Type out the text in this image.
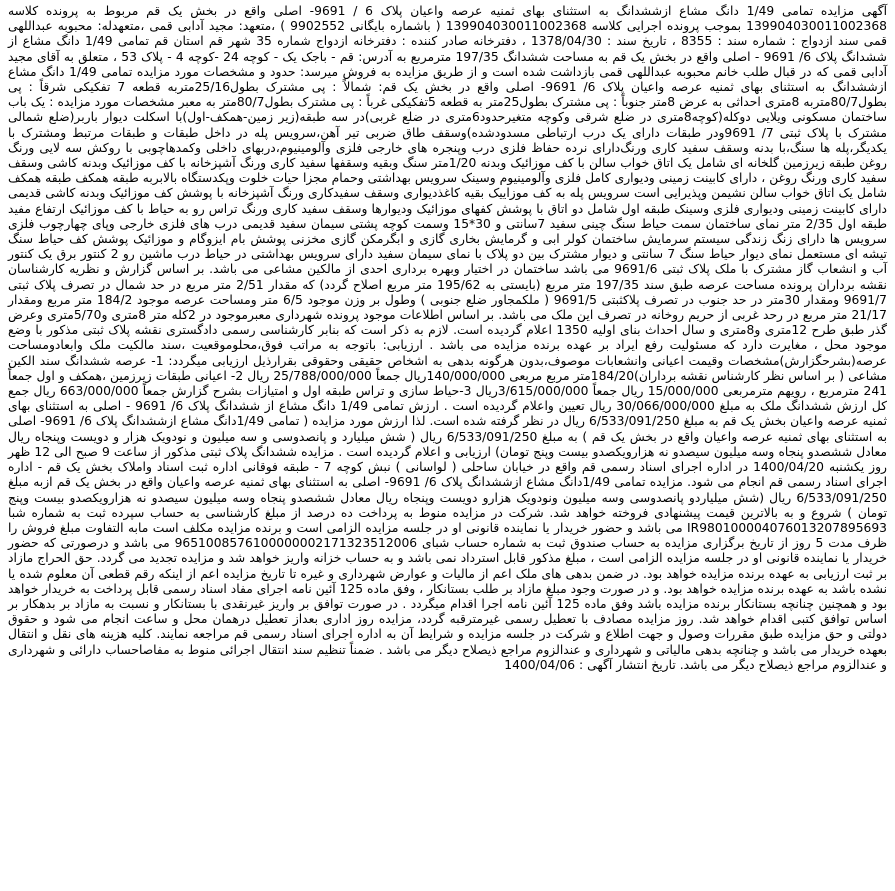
آگهی مزایده تمامی 1/49 دانگ مشاع ازششدانگ به استثنای بهای ثمنیه عرصه واعیان پلاک 6 / 9691- اصلی واقع در بخش یک قم مربوط به پرونده کلاسه 139904030011002368 بموجب پرونده اجرایی کلاسه 139904030011002368 ( باشماره بایگانی 9902552 ) ،متعهد: مجید آدابی قمی ،متعهدله: محبوبه عبداللهی قمی سند ازدواج : شماره سند : 8355 ، تاریخ سند : 1378/04/30 ، دفترخانه صادر کننده : دفترخانه ازدواج شماره 35 شهر قم استان قم تمامی 1/49 دانگ مشاع از ششدانگ پلاک 6/ 9691 - اصلی واقع در بخش یک قم به مساحت ششدانگ 197/35 مترمربع به آدرس: قم - باجک یک - کوچه 24 -کوچه 4 - پلاک 53 ، متعلق به آقای مجید آدابی قمی که در قبال طلب خانم محبوبه عبداللهی قمی بازداشت شده است و از طریق مزایده به فروش میرسد: حدود و مشخصات مورد مزایده تمامی 1/49 دانگ مشاع ازششدانگ به استثنای بهای ثمنیه عرصه واعیان پلاک 6/ 9691- اصلی واقع در بخش یک قم: شمالاً : پی مشترک بطول25/16متربه قطعه 7 تفکیکی شرقاً : پی بطول80/7متربه 8متری احداثی به عرض 8متر جنوباً : پی مشترک بطول25متر به قطعه 5تفکیکی غرباً : پی مشترک بطول80/7متر به معبر مشخصات مورد مزایده : یک باب ساختمان مسکونی ویلایی دوکله(کوچه8متری در ضلع شرقی وکوچه متغیرحدود6متری در ضلع غربی)در سه طبقه(زیر زمین-همکف-اول)با اسکلت دیوار باربر(ضلع شمالی مشترک با پلاک ثبتی 7/ 9691ودر طبقات دارای یک درب ارتباطی مسدودشده)وسقف طاق ضربی تیر آهن،سرویس پله در داخل طبقات و طبقات مرتبط ومشترک با یکدیگر،پله ها سنگ،با بدنه وسقف سفید کاری ورنگ‌دارای نرده حفاظ فلزی درب وپنجره های خارجی فلزی وآلومینیوم،دربهای داخلی وکمدهاچوبی با روکش سه لایی ورنگ روغن طبقه زیرزمین گلخانه ای شامل یک اتاق خواب سالن با کف موزائیک وبدنه 1/20متر سنگ وبقیه وسقفها سفید کاری ورنگ آشپزخانه با کف موزائیک وبدنه کاشی وسقف سفید کاری ورنگ روغن ، دارای کابینت زمینی ودیواری کامل فلزی وآلومینیوم وسینک سرویس بهداشتی وحمام مجزا حیات خلوت وپکدستگاه بالابربه طبقه همکف طبقه همکف شامل یک اتاق خواب سالن نشیمن وپذیرایی است سرویس پله به کف موزاییک بقیه کاغذدیواری وسقف سفیدکاری ورنگ آشپزخانه با پوشش کف موزائیک وبدنه کاشی قدیمی دارای کابینت زمینی ودیواری فلزی وسینک طبقه اول شامل دو اتاق با پوشش کفهای موزائیک ودیوارها وسقف سفید کاری ورنگ تراس رو به حیاط با کف موزائیک ارتفاع مفید طبقه اول 2/35 متر نمای ساختمان سمت حیاط سنگ چینی سفید 7سانتی و 30*15 وسمت کوچه پشتی سیمان سفید قدیمی درب های فلزی خارجی وپای چهارچوب فلزی سرویس ها دارای زنگ زندگی سیستم سرمایش ساختمان کولر ابی و گرمایش بخاری گازی و ابگرمکن گازی مخزنی پوشش بام ایزوگام و موزائیک پوشش کف حیاط سنگ تیشه ای مستعمل نمای دیوار حیاط سنگ 7 سانتی و دیوار مشترک بین دو پلاک با نمای سیمان سفید دارای سرویس بهداشتی در حیاط درب ماشین رو 2 کنتور برق یک کنتور آب و انشعاب گاز مشترک با ملک پلاک ثبتی 9691/6 می باشد ساختمان در اختیار وبهره برداری احدی از مالکین مشاعی می باشد. بر اساس گزارش و نظریه کارشناسان نقشه برداران پرونده مساحت عرصه طبق سند 197/35 متر مربع (بایستی به 195/62 متر مربع اصلاح گردد) که مقدار 2/51 متر مربع در حد شمال در تصرف پلاک ثبتی 9691/7 ومقدار 30متر در حد جنوب در تصرف پلاکثبتی 9691/5 ( ملکمجاور ضلع جنوبی ) وطول بر وزن موجود 6/5 متر ومساحت عرصه موجود 184/2 متر مربع ومقدار 21/17 متر مربع در رحد غربی از حریم روخانه در تصرف این ملک می باشد. بر اساس اطلاعات موجود پرونده شهرداری معبرموجود در 2کله متر 8متری و5/70متری وعرض گذر طبق طرح 12متری و8متری و سال احداث بنای اولیه 1350 اعلام گردیده است. لازم به ذکر است که بنابر کارشناسی رسمی دادگستری نقشه پلاک ثبتی مذکور با وضع موجود محل ، مغایرت دارد که مسئولیت رفع ایراد بر عهده برنده مزایده می باشد . ارزیابی: باتوجه به مراتب فوق،محلوموقعیت ،سند مالکیت ملک وابعادومساحت عرصه(بشرحگزارش)مشخصات وقیمت اعیانی وانشعابات موصوف،بدون هرگونه بدهی به اشخاص حقیقی وحقوقی بقرارذیل ارزیابی میگردد: 1- عرصه ششدانگ سند الکین مشاعی ( بر اساس نظر کارشناس نقشه برداران)184/20متر مربع مربعی 140/000/000ریال جمعاً 25/788/000/000 ریال 2- اعیانی طبقات زیرزمین ،همکف و اول جمعاً 241 مترمربع ، رویهم مترمربعی 15/000/000 ریال جمعاً 3/615/000/000ریال 3-حیاط سازی و تراس طبقه اول و امتیازات بشرح گزارش جمعاً 663/000/000 ریال جمع کل ارزش ششدانگ ملک به مبلغ 30/066/000/000 ریال تعیین واعلام گردیده است . ارزش تمامی 1/49 دانگ مشاع از ششدانگ پلاک 6/ 9691 - اصلی به استثنای بهای ثمنیه عرصه واعیان بخش یک قم به مبلغ 6/533/091/250 ریال در نظر گرفته شده است. لذا ارزش مورد مزایده ( تمامی 1/49دانگ مشاع ازششدانگ پلاک 6/ 9691- اصلی به استثنای بهای ثمنیه عرصه واعیان واقع در بخش یک قم ) به مبلغ 6/533/091/250 ریال ( شش میلیارد و پانصدوسی و سه میلیون و نودویک هزار و دویست وپنجاه ریال معادل ششصدو پنجاه وسه میلیون سیصدو نه هزارویکصدو بیست وپنج تومان) ارزیابی و اعلام گردیده است . مزایده ششدانگ پلاک ثبتی مذکور از ساعت 9 صبح الی 12 ظهر روز یکشنبه 1400/04/20 در اداره اجرای اسناد رسمی قم واقع در خیابان ساحلی ( لواسانی ) نبش کوچه 7 - طبقه فوقانی اداره ثبت اسناد واملاک بخش یک قم - اداره اجرای اسناد رسمی قم انجام می شود. مزایده تمامی 1/49دانگ مشاع ازششدانگ پلاک 6/ 9691- اصلی به استثنای بهای ثمنیه عرصه واعیان واقع در بخش یک قم ازبه مبلغ 6/533/091/250 ریال (شش میلیاردو پانصدوسی وسه میلیون ونودویک هزارو دویست وپنجاه ریال معادل ششصدو پنجاه وسه میلیون سیصدو نه هزارویکصدو بیست وپنج تومان ) شروع و به بالاترین قیمت پیشنهادی فروخته خواهد شد. شرکت در مزایده منوط به پرداخت ده درصد از مبلغ کارشناسی به حساب سپرده ثبت به شماره شبا IR980100004076013207895693 می باشد و حضور خریدار یا نماینده قانونی او در جلسه مزایده الزامی است و برنده مزایده مکلف است مابه التفاوت مبلغ فروش را ظرف مدت 5 روز از تاریخ برگزاری مزایده به حساب صندوق ثبت به شماره حساب شبای 9651008576100000002171323512006 می باشد و درصورتی که حضور خریدار یا نماینده قانونی او در جلسه مزایده الزامی است ، مبلغ مذکور قابل استرداد نمی باشد و به حساب خزانه واریز خواهد شد و مزایده تجدید می گردد. حق الحراج مازاد بر ثبت ارزیابی به عهده برنده مزایده خواهد بود. در ضمن بدهی های ملک اعم از مالیات و عوارض شهرداری و غیره تا تاریخ مزایده اعم از اینکه رقم قطعی آن معلوم شده یا نشده باشد به عهده برنده مزایده خواهد بود. و در صورت وجود مبلغ مازاد بر طلب بستانکار ، وفق ماده 125 آئین نامه اجرای مفاد اسناد رسمی قابل پرداخت به خریدار خواهد بود و همچنین چنانچه بستانکار برنده مزایده باشد وفق ماده 125 آئین نامه اجرا اقدام میگردد . در صورت توافق بر واریز غیرنقدی با بستانکار و نسبت به مازاد بر بدهکار بر اساس توافق کتبی اقدام خواهد شد. روز مزایده مصادف با تعطیل رسمی غیرمترقبه گردد، مزایده روز اداری بعداز تعطیل درهمان محل و ساعت انجام می شود و حقوق دولتی و حق مزایده طبق مقررات وصول و جهت اطلاع و شرکت در جلسه مزایده و شرایط آن به اداره اجرای اسناد رسمی قم مراجعه نمایند. کلیه هزینه های نقل و انتقال بعهده خریدار می باشد و چنانچه بدهی مالیاتی و شهرداری و عندالزوم مراجع ذیصلاح دیگر می باشد . ضمناً تنظیم سند انتقال اجرائی منوط به مفاصاحساب دارائی و شهرداری و عندالزوم مراجع ذیصلاح دیگر می باشد. تاریخ انتشار آگهی : 1400/04/06
